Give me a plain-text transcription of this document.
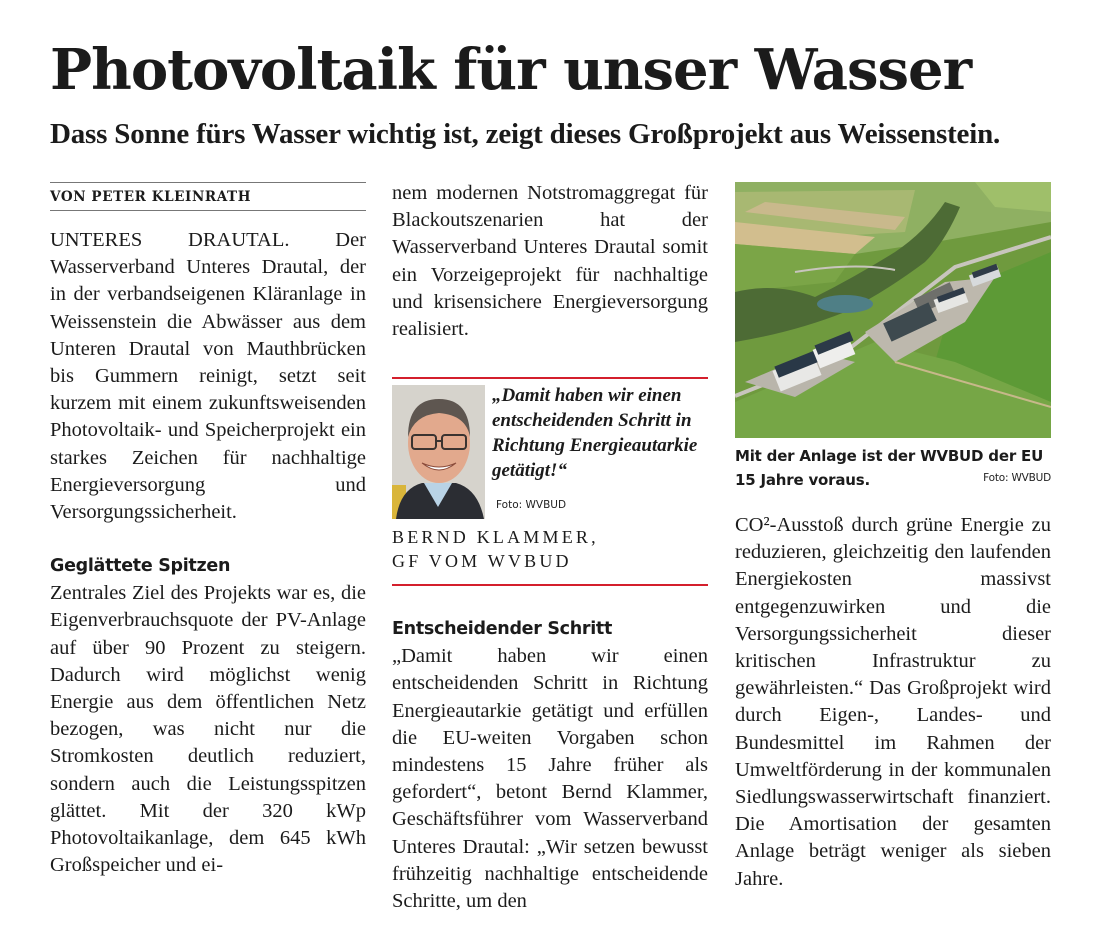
Photovoltaik für unser Wasser
Dass Sonne fürs Wasser wichtig ist, zeigt dieses Großprojekt aus Weissenstein.
VON PETER KLEINRATH

UNTERES DRAUTAL. Der Wasserverband Unteres Drautal, der in der verbandseigenen Kläranlage in Weissenstein die Abwässer aus dem Unteren Drautal von Mauthbrücken bis Gummern reinigt, setzt seit kurzem mit einem zukunftsweisenden Photovoltaik- und Speicherprojekt ein starkes Zeichen für nachhaltige Energieversorgung und Versorgungssicherheit.

Geglättete Spitzen

Zentrales Ziel des Projekts war es, die Eigenverbrauchsquote der PV-Anlage auf über 90 Prozent zu steigern. Dadurch wird möglichst wenig Energie aus dem öffentlichen Netz bezogen, was nicht nur die Stromkosten deutlich reduziert, sondern auch die Leistungsspitzen glättet. Mit der 320 kWp Photovoltaikanlage, dem 645 kWh Großspeicher und ei-

nem modernen Notstromaggregat für Blackoutszenarien hat der Wasserverband Unteres Drautal somit ein Vorzeigeprojekt für nachhaltige und krisensichere Energieversorgung realisiert.

„Damit haben wir einen entscheidenden Schritt in Richtung Energieautarkie getätigt!“
Foto: WVBUD
BERND KLAMMER,
GF VOM WVBUD
Entscheidender Schritt

„Damit haben wir einen entscheidenden Schritt in Richtung Energieautarkie getätigt und erfüllen die EU-weiten Vorgaben schon mindestens 15 Jahre früher als gefordert“, betont Bernd Klammer, Geschäftsführer vom Wasserverband Unteres Drautal: „Wir setzen bewusst frühzeitig nachhaltige entscheidende Schritte, um den

Mit der Anlage ist der WVBUD der EU 15 Jahre voraus.	Foto: WVBUD

CO²-Ausstoß durch grüne Energie zu reduzieren, gleichzeitig den laufenden Energiekosten massivst entgegenzuwirken und die Versorgungssicherheit dieser kritischen Infrastruktur zu gewährleisten.“ Das Großprojekt wird durch Eigen-, Landes- und Bundesmittel im Rahmen der Umweltförderung in der kommunalen Siedlungswasserwirtschaft finanziert. Die Amortisation der gesamten Anlage beträgt weniger als sieben Jahre.
